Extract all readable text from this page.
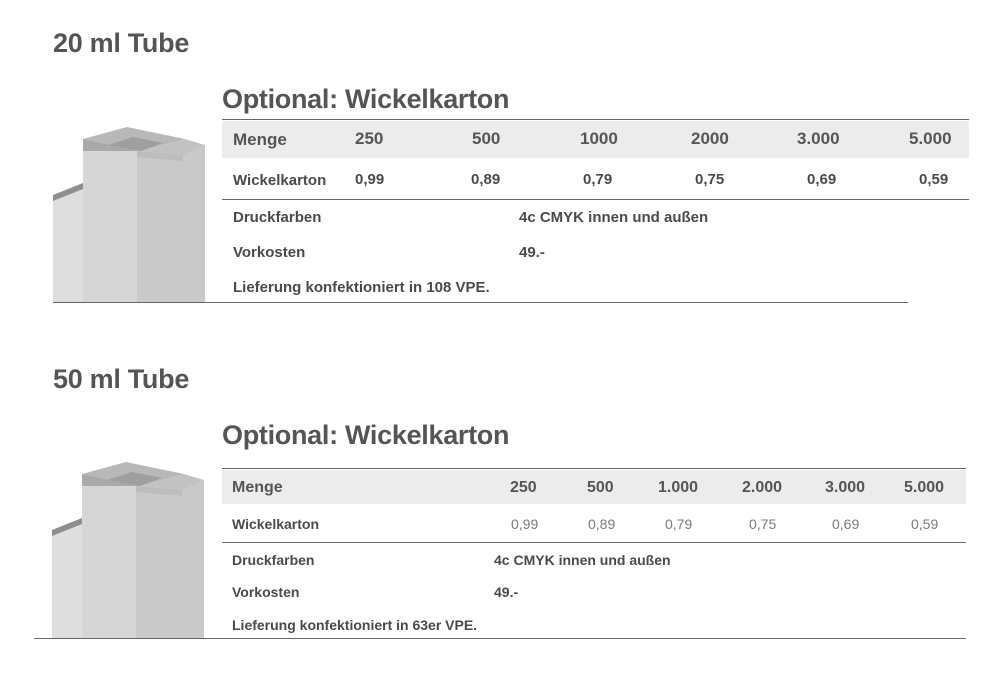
20 ml Tube
Optional: Wickelkarton
Menge	250	500	1000	2000	3.000	5.000
Wickelkarton 0,99	0,89	0,79	0,75	0,69	0,59
Druckfarben	4c CMYK innen und außen
Vorkosten	49.-
Lieferung konfektioniert in 108 VPE.
50 ml Tube
Optional: Wickelkarton
Menge	250	500	1.000	2.000	3.000 5.000
Wickelkarton	0,99	0,89	0,79	0,75	0,69	0,59
Druckfarben	4c CMYK innen und außen
Vorkosten	49.-
Lieferung konfektioniert in 63er VPE.
